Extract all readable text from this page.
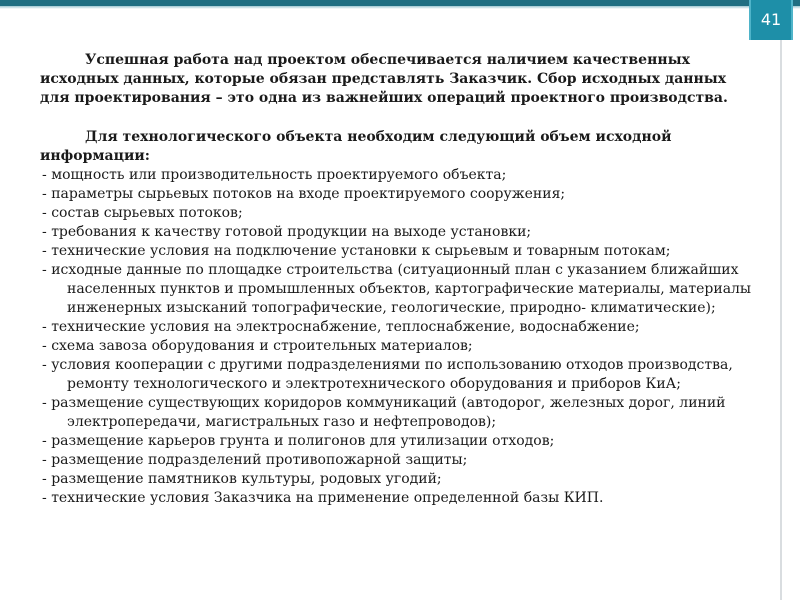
41

Успешная работа над проектом обеспечивается наличием качественных исходных данных, которые обязан представлять Заказчик. Сбор исходных данных для проектирования – это одна из важнейших операций проектного производства.

Для технологического объекта необходим следующий объем исходной информации:

- мощность или производительность проектируемого объекта;
- параметры сырьевых потоков на входе проектируемого сооружения;
- состав сырьевых потоков;
- требования к качеству готовой продукции на выходе установки;
- технические условия на подключение установки к сырьевым и товарным потокам;
- исходные данные по площадке строительства (ситуационный план с указанием ближайших населенных пунктов и промышленных объектов, картографические материалы, материалы инженерных изысканий топографические, геологические, природно- климатические);
- технические условия на электроснабжение, теплоснабжение, водоснабжение;
- схема завоза оборудования и строительных материалов;
- условия кооперации с другими подразделениями по использованию отходов производства, ремонту технологического и электротехнического оборудования и приборов КиА;
- размещение существующих коридоров коммуникаций (автодорог, железных дорог, линий электропередачи, магистральных газо и нефтепроводов);
- размещение карьеров грунта и полигонов для утилизации отходов;
- размещение подразделений противопожарной защиты;
- размещение памятников культуры, родовых угодий;
- технические условия Заказчика на применение определенной базы КИП.
